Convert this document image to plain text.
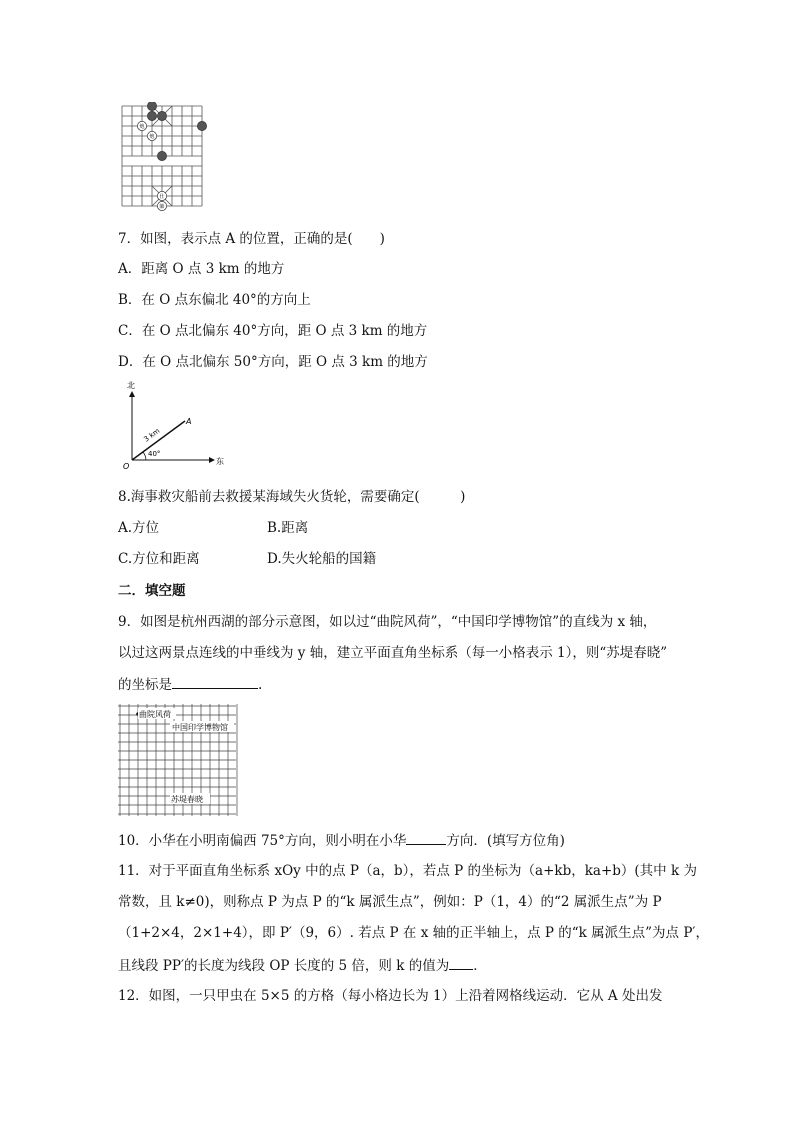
炮
炮
仕
帥
7．如图，表示点 A 的位置，正确的是(　　)
A．距离 O 点 3 km 的地方
B．在 O 点东偏北 40°的方向上
C．在 O 点北偏东 40°方向，距 O 点 3 km 的地方
D．在 O 点北偏东 50°方向，距 O 点 3 km 的地方
北
东
O
A
3 km
40°
8.海事救灾船前去救援某海域失火货轮，需要确定(　　　)
A.方位	B.距离
C.方位和距离	D.失火轮船的国籍
二．填空题
9．如图是杭州西湖的部分示意图，如以过“曲院风荷”，“中国印学博物馆”的直线为 x 轴，
以过这两景点连线的中垂线为 y 轴，建立平面直角坐标系（每一小格表示 1），则“苏堤春晓”
的坐标是	.
曲院风荷
中国印学博物馆
苏堤春晓
10．小华在小明南偏西 75°方向，则小明在小华	方向．(填写方位角)
11．对于平面直角坐标系 xOy 中的点 P（a，b），若点 P 的坐标为（a+kb，ka+b）(其中 k 为
常数，且 k≠0)，则称点 P 为点 P 的“k 属派生点”，例如：P（1，4）的“2 属派生点”为 P
（1+2×4，2×1+4），即 P′（9，6）. 若点 P 在 x 轴的正半轴上，点 P 的“k 属派生点”为点 P′，
且线段 PP′的长度为线段 OP 长度的 5 倍，则 k 的值为 ．
12．如图，一只甲虫在 5×5 的方格（每小格边长为 1）上沿着网格线运动．它从 A 处出发
